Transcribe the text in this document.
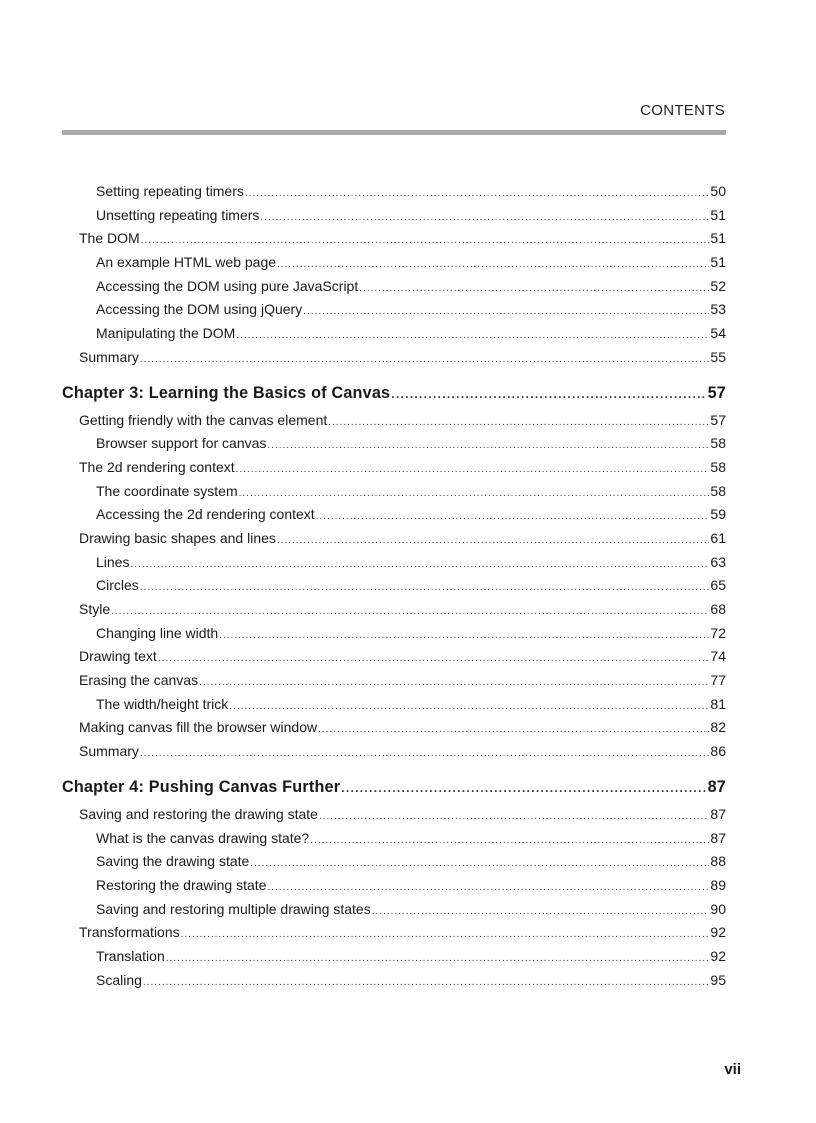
CONTENTS
Setting repeating timers .....	50
Unsetting repeating timers .....	51
The DOM .....	51
An example HTML web page .....	51
Accessing the DOM using pure JavaScript .....	52
Accessing the DOM using jQuery .....	53
Manipulating the DOM .....	54
Summary .....	55
Chapter 3: Learning the Basics of Canvas .....	57
Getting friendly with the canvas element .....	57
Browser support for canvas .....	58
The 2d rendering context .....	58
The coordinate system .....	58
Accessing the 2d rendering context .....	59
Drawing basic shapes and lines .....	61
Lines .....	63
Circles .....	65
Style .....	68
Changing line width .....	72
Drawing text .....	74
Erasing the canvas .....	77
The width/height trick .....	81
Making canvas fill the browser window .....	82
Summary .....	86
Chapter 4: Pushing Canvas Further .....	87
Saving and restoring the drawing state .....	87
What is the canvas drawing state? .....	87
Saving the drawing state .....	88
Restoring the drawing state .....	89
Saving and restoring multiple drawing states .....	90
Transformations .....	92
Translation .....	92
Scaling .....	95
vii
